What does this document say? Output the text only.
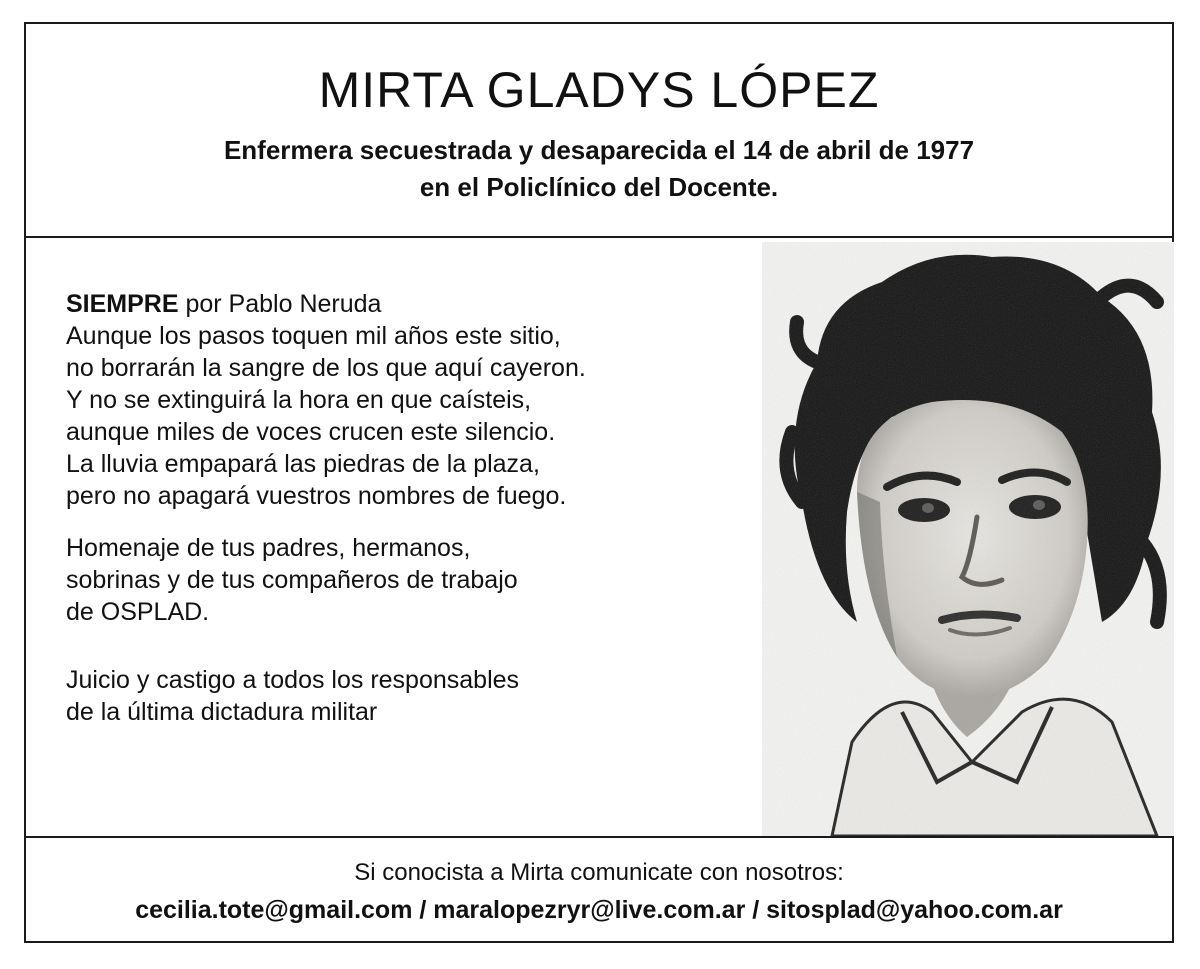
MIRTA GLADYS LÓPEZ
Enfermera secuestrada y desaparecida el 14 de abril de 1977
en el Policlínico del Docente.
SIEMPRE por Pablo Neruda
Aunque los pasos toquen mil años este sitio,
no borrarán la sangre de los que aquí cayeron.
Y no se extinguirá la hora en que caísteis,
aunque miles de voces crucen este silencio.
La lluvia empapará las piedras de la plaza,
pero no apagará vuestros nombres de fuego.
Homenaje de tus padres, hermanos,
sobrinas y de tus compañeros de trabajo
de OSPLAD.
Juicio y castigo a todos los responsables
de la última dictadura militar
Si conocista a Mirta comunicate con nosotros:
cecilia.tote@gmail.com / maralopezryr@live.com.ar / sitosplad@yahoo.com.ar
